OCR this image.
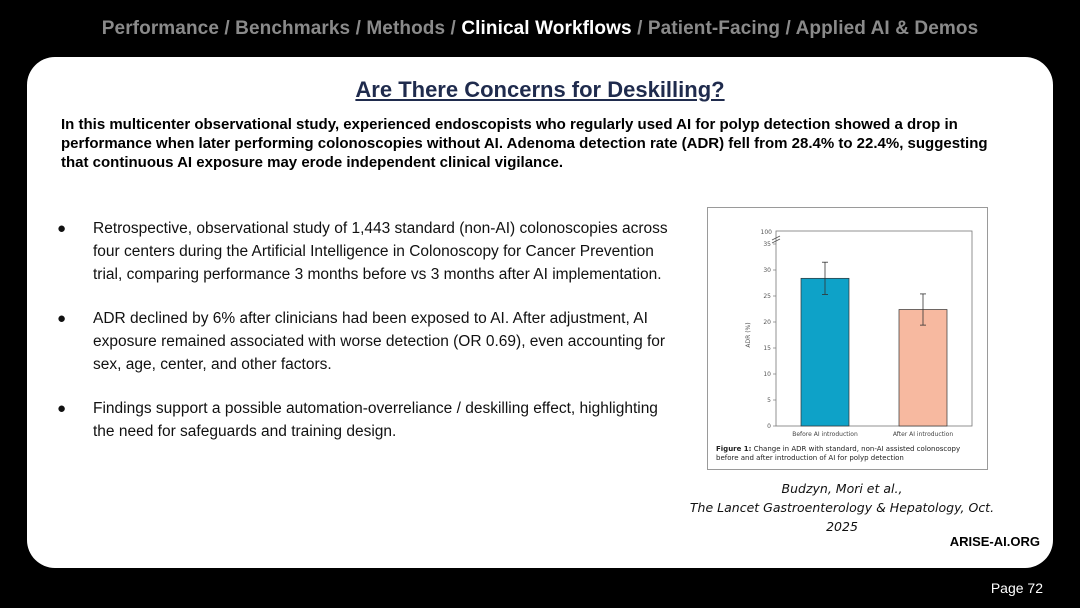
Performance / Benchmarks / Methods / Clinical Workflows / Patient-Facing / Applied AI & Demos
Are There Concerns for Deskilling?
In this multicenter observational study, experienced endoscopists who regularly used AI for polyp detection showed a drop in performance when later performing colonoscopies without AI. Adenoma detection rate (ADR) fell from 28.4% to 22.4%, suggesting that continuous AI exposure may erode independent clinical vigilance.
● Retrospective, observational study of 1,443 standard (non-AI) colonoscopies across four centers during the Artificial Intelligence in Colonoscopy for Cancer Prevention trial, comparing performance 3 months before vs 3 months after AI implementation.
● ADR declined by 6% after clinicians had been exposed to AI. After adjustment, AI exposure remained associated with worse detection (OR 0.69), even accounting for sex, age, center, and other factors.
● Findings support a possible automation-overreliance / deskilling effect, highlighting the need for safeguards and training design.
100
0
5
10
15
20
25
30
35
ADR (%)
Before AI introduction	After AI introduction
Figure 1: Change in ADR with standard, non-AI assisted colonoscopy before and after introduction of AI for polyp detection
Budzyn, Mori et al.,
The Lancet Gastroenterology & Hepatology, Oct. 2025
ARISE-AI.ORG
Page 72
